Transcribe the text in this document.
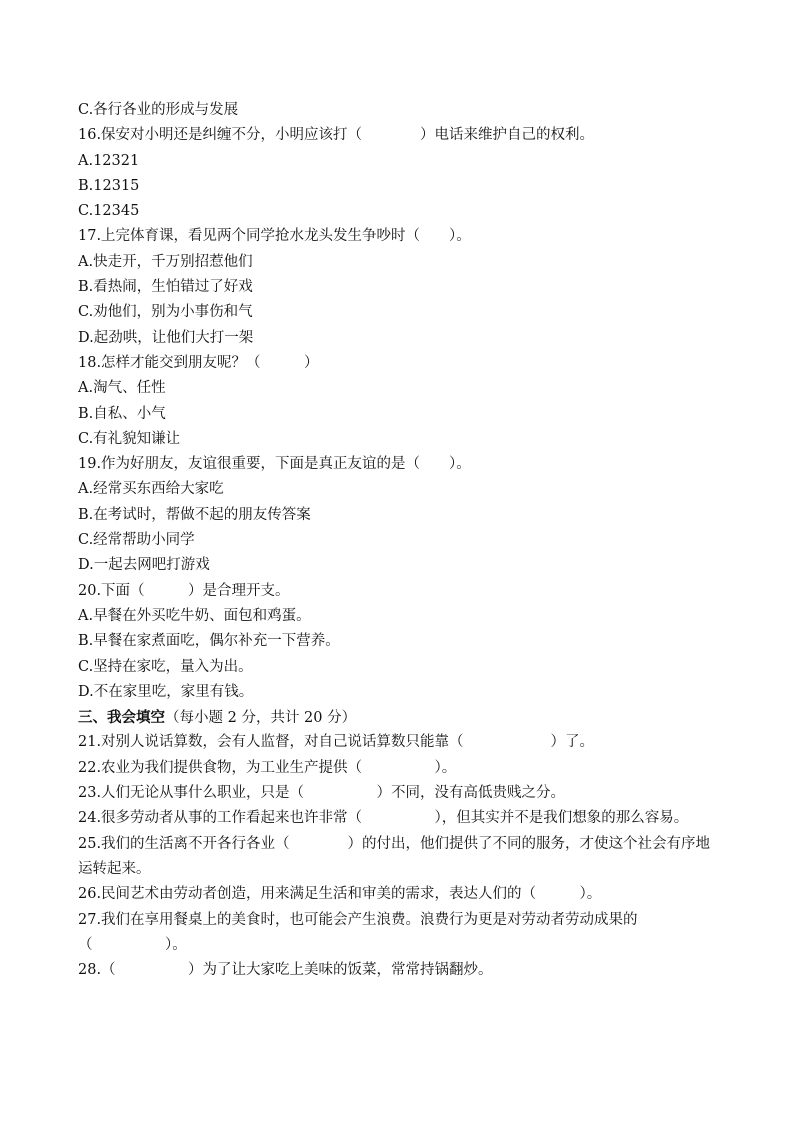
C.各行各业的形成与发展
16.保安对小明还是纠缠不分，小明应该打（　　　　）电话来维护自己的权利。
A.12321
B.12315
C.12345
17.上完体育课，看见两个同学抢水龙头发生争吵时（　　）。
A.快走开，千万别招惹他们
B.看热闹，生怕错过了好戏
C.劝他们，别为小事伤和气
D.起劲哄，让他们大打一架
18.怎样才能交到朋友呢？（　　　）
A.淘气、任性
B.自私、小气
C.有礼貌知谦让
19.作为好朋友，友谊很重要，下面是真正友谊的是（　　）。
A.经常买东西给大家吃
B.在考试时，帮做不起的朋友传答案
C.经常帮助小同学
D.一起去网吧打游戏
20.下面（　　　）是合理开支。
A.早餐在外买吃牛奶、面包和鸡蛋。
B.早餐在家煮面吃，偶尔补充一下营养。
C.坚持在家吃，量入为出。
D.不在家里吃，家里有钱。
三、我会填空（每小题 2 分，共计 20 分）
21.对别人说话算数，会有人监督，对自己说话算数只能靠（　　　　　　）了。
22.农业为我们提供食物，为工业生产提供（　　　　　）。
23.人们无论从事什么职业，只是（　　　　　）不同，没有高低贵贱之分。
24.很多劳动者从事的工作看起来也许非常（　　　　　），但其实并不是我们想象的那么容易。
25.我们的生活离不开各行各业（　　　　）的付出，他们提供了不同的服务，才使这个社会有序地运转起来。
26.民间艺术由劳动者创造，用来满足生活和审美的需求，表达人们的（　　　）。
27.我们在享用餐桌上的美食时，也可能会产生浪费。浪费行为更是对劳动者劳动成果的（　　　　　）。
28.（　　　　　）为了让大家吃上美味的饭菜，常常持锅翻炒。
